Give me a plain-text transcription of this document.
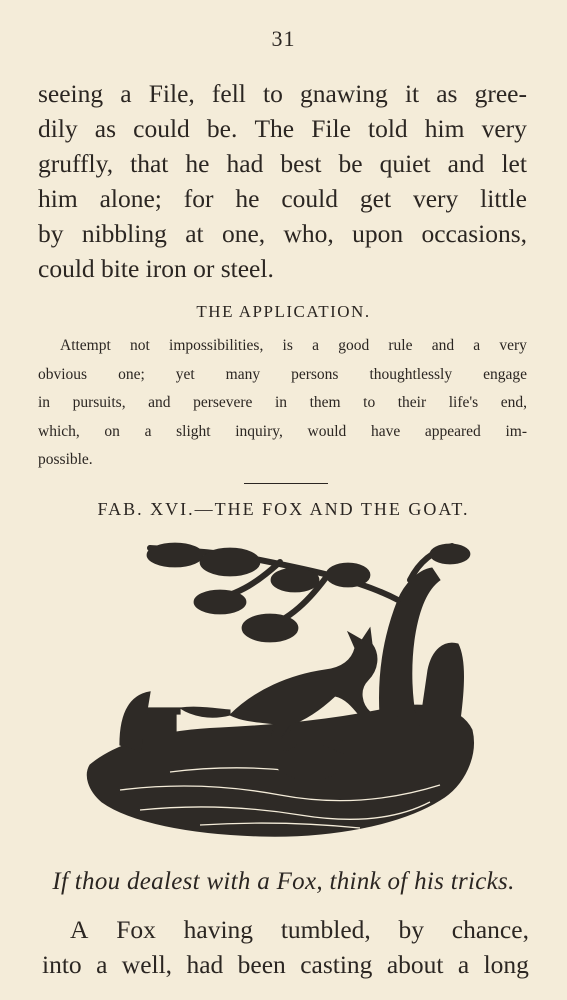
31
seeing a File, fell to gnawing it as gree-
dily as could be. The File told him very
gruffly, that he had best be quiet and let
him alone; for he could get very little
by nibbling at one, who, upon occasions,
could bite iron or steel.
THE APPLICATION.
Attempt not impossibilities, is a good rule and a very
obvious one; yet many persons thoughtlessly engage
in pursuits, and persevere in them to their life's end,
which, on a slight inquiry, would have appeared im-
possible.
FAB. XVI.—THE FOX AND THE GOAT.
If thou dealest with a Fox, think of his tricks.
A Fox having tumbled, by chance,
into a well, had been casting about a long
